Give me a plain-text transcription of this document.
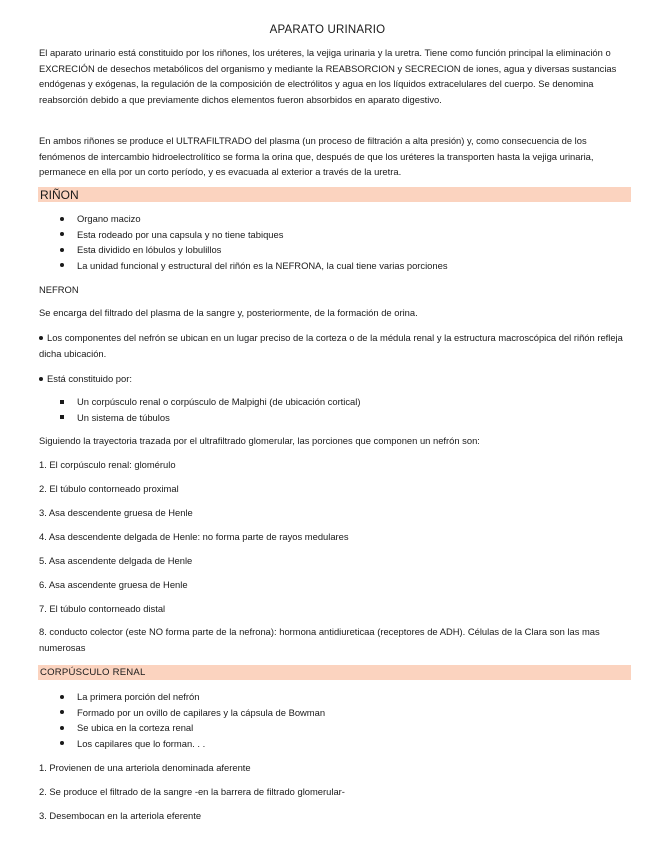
APARATO URINARIO
El aparato urinario está constituido por los riñones, los uréteres, la vejiga urinaria y la uretra. Tiene como función principal la eliminación o EXCRECIÓN de desechos metabólicos del organismo y mediante la REABSORCION y SECRECION de iones, agua y diversas sustancias endógenas y exógenas, la regulación de la composición de electrólitos y agua en los líquidos extracelulares del cuerpo. Se denomina reabsorción debido a que previamente dichos elementos fueron absorbidos en aparato digestivo.
En ambos riñones se produce el ULTRAFILTRADO del plasma (un proceso de filtración a alta presión) y, como consecuencia de los fenómenos de intercambio hidroelectrolítico se forma la orina que, después de que los uréteres la transporten hasta la vejiga urinaria, permanece en ella por un corto período, y es evacuada al exterior a través de la uretra.
RIÑON
Organo macizo
Esta rodeado por una capsula y no tiene tabiques
Esta dividido en lóbulos y lobulillos
La unidad funcional y estructural del riñón es la NEFRONA, la cual tiene varias porciones
NEFRON
Se encarga del filtrado del plasma de la sangre y, posteriormente, de la formación de orina.
Los componentes del nefrón se ubican en un lugar preciso de la corteza o de la médula renal y la estructura macroscópica del riñón refleja dicha ubicación.
Está constituido por:
Un corpúsculo renal o corpúsculo de Malpighi (de ubicación cortical)
Un sistema de túbulos
Siguiendo la trayectoria trazada por el ultrafiltrado glomerular, las porciones que componen un nefrón son:
1. El corpúsculo renal: glomérulo
2. El túbulo contorneado proximal
3. Asa descendente gruesa de Henle
4. Asa descendente delgada de Henle: no forma parte de rayos medulares
5. Asa ascendente delgada de Henle
6. Asa ascendente gruesa de Henle
7. El túbulo contorneado distal
8. conducto colector (este NO forma parte de la nefrona): hormona antidiureticaa (receptores de ADH). Células de la Clara son las mas numerosas
CORPÚSCULO RENAL
La primera porción del nefrón
Formado por un ovillo de capilares y la cápsula de Bowman
Se ubica en la corteza renal
Los capilares que lo forman. . .
1. Provienen de una arteriola denominada aferente
2. Se produce el filtrado de la sangre -en la barrera de filtrado glomerular-
3. Desembocan en la arteriola eferente
